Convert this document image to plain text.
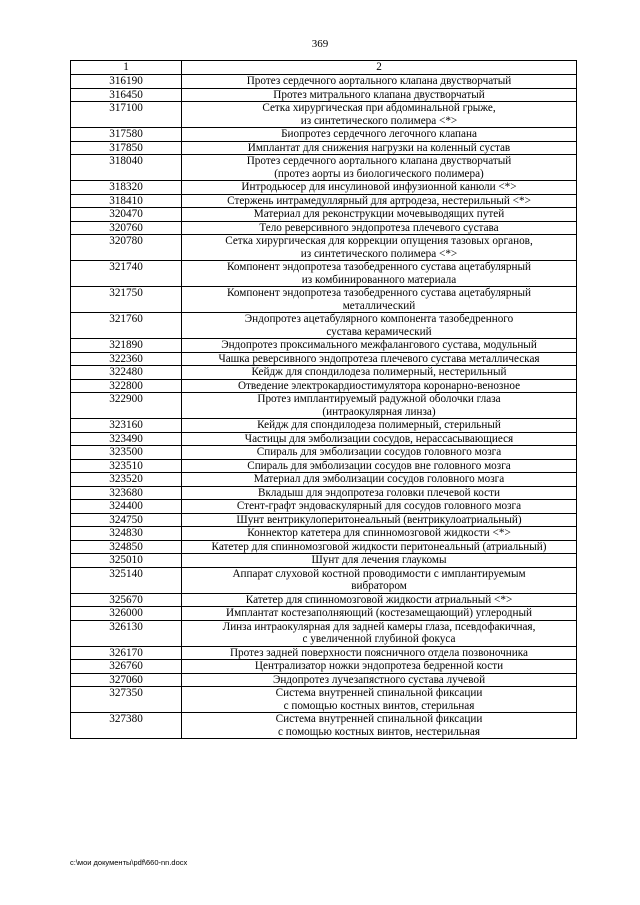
369
1	2
316190	Протез сердечного аортального клапана двустворчатый

316450	Протез митрального клапана двустворчатый

317100	Сетка хирургическая при абдоминальной грыже,
из синтетического полимера <*>

317580	Биопротез сердечного легочного клапана

317850	Имплантат для снижения нагрузки на коленный сустав

318040	Протез сердечного аортального клапана двустворчатый
(протез аорты из биологического полимера)

318320	Интродьюсер для инсулиновой инфузионной канюли <*>

318410	Стержень интрамедуллярный для артродеза, нестерильный <*>

320470	Материал для реконструкции мочевыводящих путей

320760	Тело реверсивного эндопротеза плечевого сустава

320780	Сетка хирургическая для коррекции опущения тазовых органов,
из синтетического полимера <*>

321740	Компонент эндопротеза тазобедренного сустава ацетабулярный
из комбинированного материала

321750	Компонент эндопротеза тазобедренного сустава ацетабулярный
металлический

321760	Эндопротез ацетабулярного компонента тазобедренного
сустава керамический

321890	Эндопротез проксимального межфалангового сустава, модульный

322360	Чашка реверсивного эндопротеза плечевого сустава металлическая

322480	Кейдж для спондилодеза полимерный, нестерильный

322800	Отведение электрокардиостимулятора коронарно-венозное

322900	Протез имплантируемый радужной оболочки глаза
(интраокулярная линза)

323160	Кейдж для спондилодеза полимерный, стерильный

323490	Частицы для эмболизации сосудов, нерассасывающиеся

323500	Спираль для эмболизации сосудов головного мозга

323510	Спираль для эмболизации сосудов вне головного мозга

323520	Материал для эмболизации сосудов головного мозга

323680	Вкладыш для эндопротеза головки плечевой кости

324400	Стент-графт эндоваскулярный для сосудов головного мозга

324750	Шунт вентрикулоперитонеальный (вентрикулоатриальный)

324830	Коннектор катетера для спинномозговой жидкости <*>

324850	Катетер для спинномозговой жидкости перитонеальный (атриальный)

325010	Шунт для лечения глаукомы

325140	Аппарат слуховой костной проводимости с имплантируемым
вибратором

325670	Катетер для спинномозговой жидкости атриальный <*>

326000	Имплантат костезаполняющий (костезамещающий) углеродный

326130	Линза интраокулярная для задней камеры глаза, псевдофакичная,
с увеличенной глубиной фокуса

326170	Протез задней поверхности поясничного отдела позвоночника

326760	Централизатор ножки эндопротеза бедренной кости

327060	Эндопротез лучезапястного сустава лучевой

327350	Система внутренней спинальной фиксации
с помощью костных винтов, стерильная

327380	Система внутренней спинальной фиксации
с помощью костных винтов, нестерильная
c:\мои документы\pdf\660-nn.docx
